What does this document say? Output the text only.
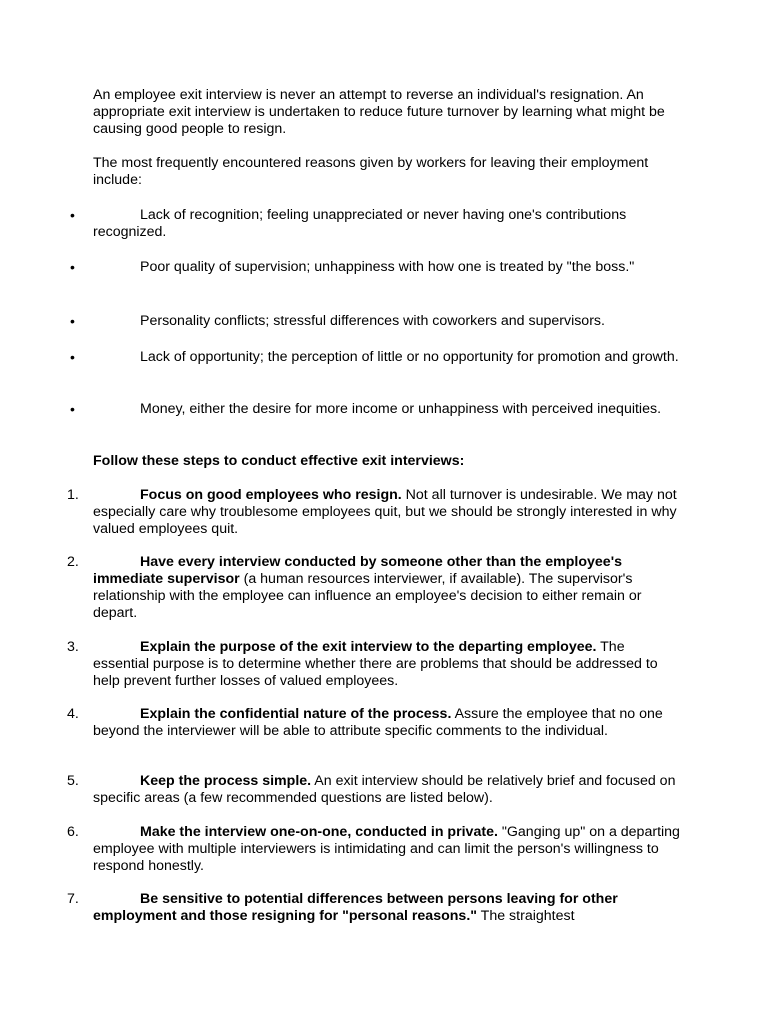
An employee exit interview is never an attempt to reverse an individual's resignation. An appropriate exit interview is undertaken to reduce future turnover by learning what might be causing good people to resign.

The most frequently encountered reasons given by workers for leaving their employment include:

•	Lack of recognition; feeling unappreciated or never having one's contributions recognized.

•	Poor quality of supervision; unhappiness with how one is treated by "the boss."

•	Personality conflicts; stressful differences with coworkers and supervisors.

•	Lack of opportunity; the perception of little or no opportunity for promotion and growth.

•	Money, either the desire for more income or unhappiness with perceived inequities.

Follow these steps to conduct effective exit interviews:

1.	Focus on good employees who resign. Not all turnover is undesirable. We may not especially care why troublesome employees quit, but we should be strongly interested in why valued employees quit.

2.	Have every interview conducted by someone other than the employee's immediate supervisor (a human resources interviewer, if available). The supervisor's relationship with the employee can influence an employee's decision to either remain or depart.

3.	Explain the purpose of the exit interview to the departing employee. The essential purpose is to determine whether there are problems that should be addressed to help prevent further losses of valued employees.

4.	Explain the confidential nature of the process. Assure the employee that no one beyond the interviewer will be able to attribute specific comments to the individual.

5.	Keep the process simple. An exit interview should be relatively brief and focused on specific areas (a few recommended questions are listed below).

6.	Make the interview one-on-one, conducted in private. "Ganging up" on a departing employee with multiple interviewers is intimidating and can limit the person's willingness to respond honestly.

7.	Be sensitive to potential differences between persons leaving for other employment and those resigning for "personal reasons." The straightest
